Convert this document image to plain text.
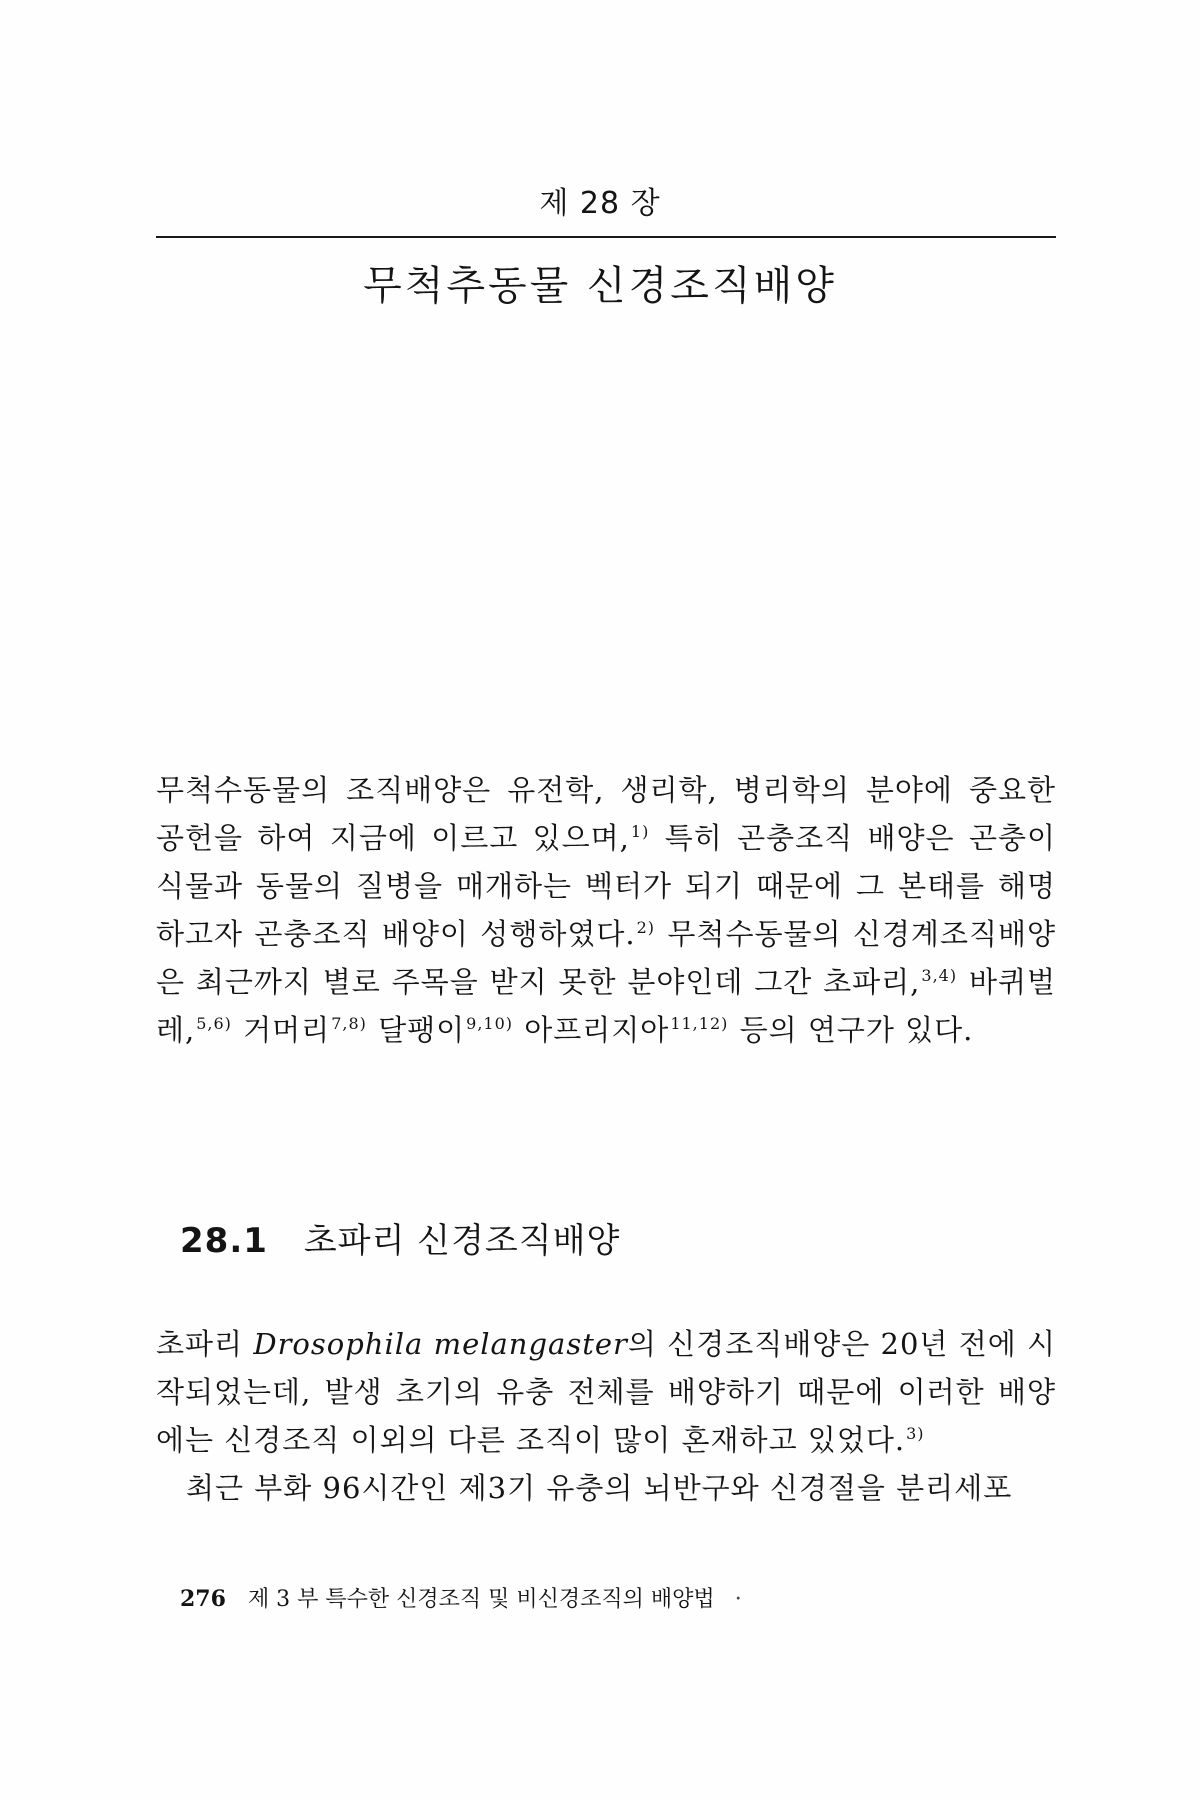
제 28 장
무척추동물 신경조직배양

무척수동물의 조직배양은 유전학, 생리학, 병리학의 분야에 중요한 공헌을 하여 지금에 이르고 있으며,$^{1)}$ 특히 곤충조직 배양은 곤충이 식물과 동물의 질병을 매개하는 벡터가 되기 때문에 그 본태를 해명하고자 곤충조직 배양이 성행하였다.$^{2)}$ 무척수동물의 신경계조직배양은 최근까지 별로 주목을 받지 못한 분야인데 그간 초파리,$^{3,4)}$ 바퀴벌레,$^{5,6)}$ 거머리$^{7,8)}$ 달팽이$^{9,10)}$ 아프리지아$^{11,12)}$ 등의 연구가 있다.

28.1 초파리 신경조직배양

초파리 Drosophila melangaster의 신경조직배양은 20년 전에 시작되었는데, 발생 초기의 유충 전체를 배양하기 때문에 이러한 배양에는 신경조직 이외의 다른 조직이 많이 혼재하고 있었다.$^{3)}$

최근 부화 96시간인 제3기 유충의 뇌반구와 신경절을 분리세포

276 제 3 부 특수한 신경조직 및 비신경조직의 배양법 ·
